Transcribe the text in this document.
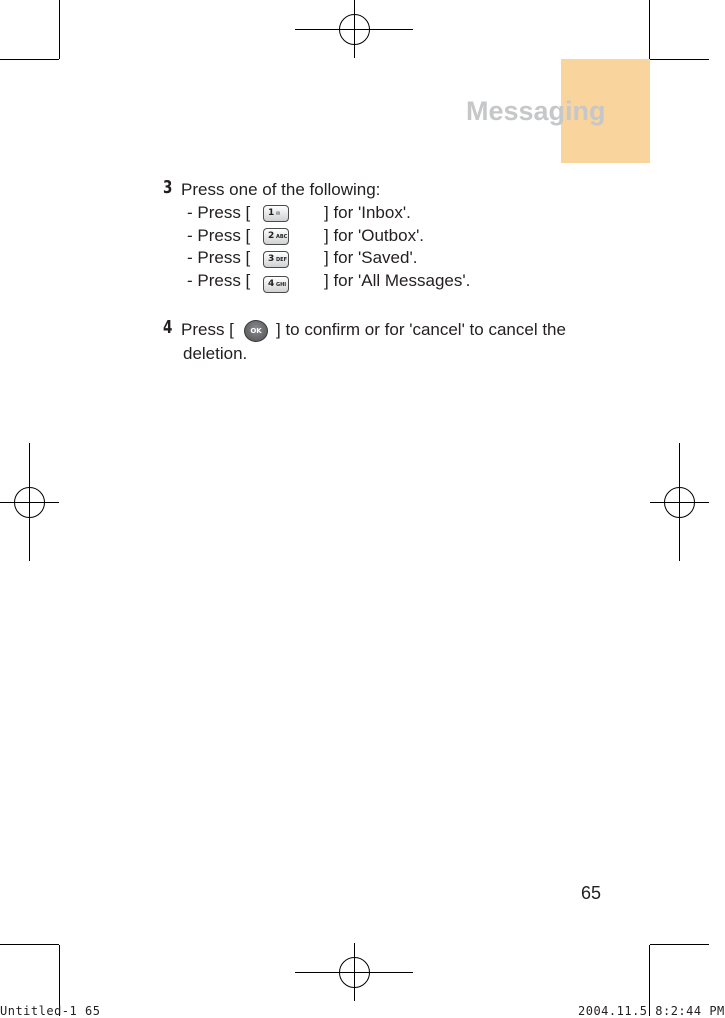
Messaging
3 Press one of the following:
- Press [ 1 ✉	] for 'Inbox'.
- Press [ 2 ABC ] for 'Outbox'.
- Press [ 3 DEF ] for 'Saved'.
- Press [ 4 GHI ] for 'All Messages'.
4 Press [	OK ] to confirm or for 'cancel' to cancel the
deletion.
65
Untitled-1 65	2004.11.5 8:2:44 PM
